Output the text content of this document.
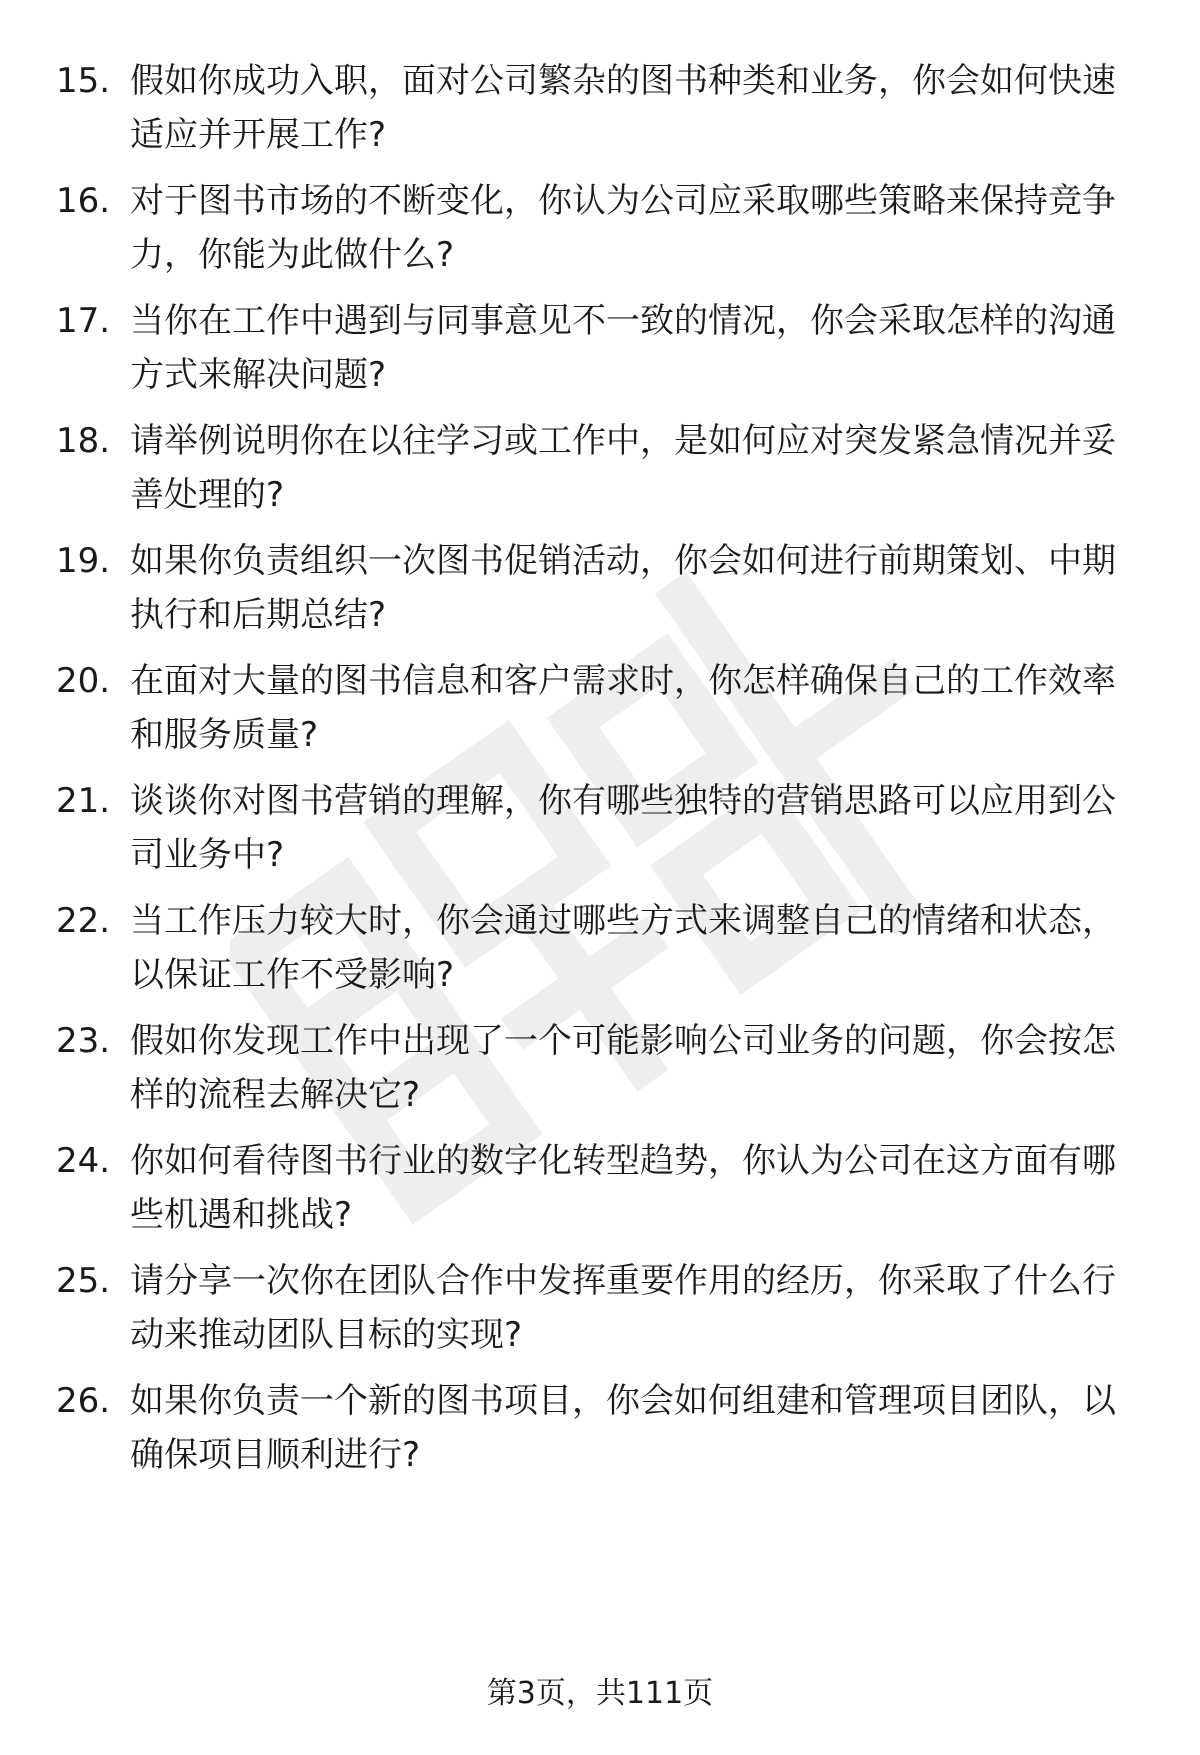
15. 假如你成功入职，面对公司繁杂的图书种类和业务，你会如何快速适应并开展工作?
16. 对于图书市场的不断变化，你认为公司应采取哪些策略来保持竞争力，你能为此做什么?
17. 当你在工作中遇到与同事意见不一致的情况，你会采取怎样的沟通方式来解决问题?
18. 请举例说明你在以往学习或工作中，是如何应对突发紧急情况并妥善处理的?
19. 如果你负责组织一次图书促销活动，你会如何进行前期策划、中期执行和后期总结?
20. 在面对大量的图书信息和客户需求时，你怎样确保自己的工作效率和服务质量?
21. 谈谈你对图书营销的理解，你有哪些独特的营销思路可以应用到公司业务中?
22. 当工作压力较大时，你会通过哪些方式来调整自己的情绪和状态，以保证工作不受影响?
23. 假如你发现工作中出现了一个可能影响公司业务的问题，你会按怎样的流程去解决它?
24. 你如何看待图书行业的数字化转型趋势，你认为公司在这方面有哪些机遇和挑战?
25. 请分享一次你在团队合作中发挥重要作用的经历，你采取了什么行动来推动团队目标的实现?
26. 如果你负责一个新的图书项目，你会如何组建和管理项目团队，以确保项目顺利进行?
第3页，共111页
